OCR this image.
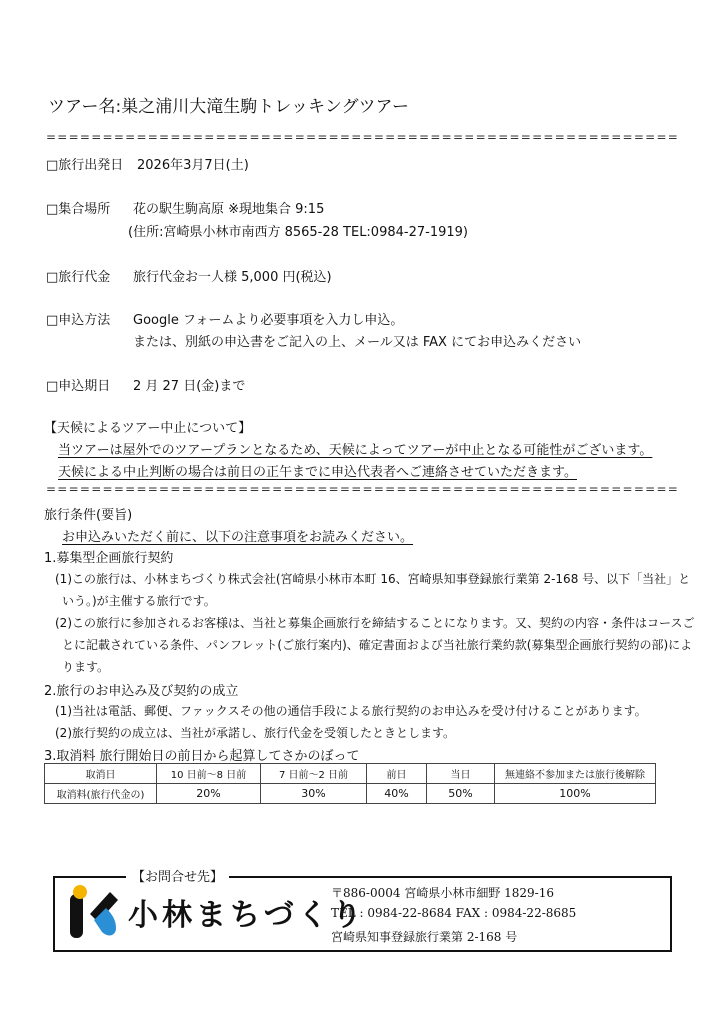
ツアー名:巣之浦川大滝生駒トレッキングツアー
========================================================
□旅行出発日 2026年3月7日(土)
□集合場所 花の駅生駒高原 ※現地集合 9:15
(住所:宮崎県小林市南西方 8565-28 TEL:0984-27-1919)
□旅行代金 旅行代金お一人様 5,000 円(税込)
□申込方法 Google フォームより必要事項を入力し申込。
または、別紙の申込書をご記入の上、メール又は FAX にてお申込みください
□申込期日 2 月 27 日(金)まで
【天候によるツアー中止について】
当ツアーは屋外でのツアープランとなるため、天候によってツアーが中止となる可能性がございます。
天候による中止判断の場合は前日の正午までに申込代表者へご連絡させていただきます。
========================================================
旅行条件(要旨)
お申込みいただく前に、以下の注意事項をお読みください。
1.募集型企画旅行契約
(1)この旅行は、小林まちづくり株式会社(宮崎県小林市本町 16、宮崎県知事登録旅行業第 2-168 号、以下「当社」と
いう。)が主催する旅行です。
(2)この旅行に参加されるお客様は、当社と募集企画旅行を締結することになります。又、契約の内容・条件はコースご
とに記載されている条件、パンフレット(ご旅行案内)、確定書面および当社旅行業約款(募集型企画旅行契約の部)によ
ります。
2.旅行のお申込み及び契約の成立
(1)当社は電話、郵便、ファックスその他の通信手段による旅行契約のお申込みを受け付けることがあります。
(2)旅行契約の成立は、当社が承諾し、旅行代金を受領したときとします。
3.取消料 旅行開始日の前日から起算してさかのぼって
取消日	10 日前～8 日前	7 日前～2 日前	前日	当日	無連絡不参加または旅行後解除
取消料(旅行代金の)	20%	30%	40%	50%	100%
【お問合せ先】
小林まちづくり
〒886-0004 宮崎県小林市細野 1829-16
TEL : 0984-22-8684 FAX : 0984-22-8685
宮崎県知事登録旅行業第 2-168 号
